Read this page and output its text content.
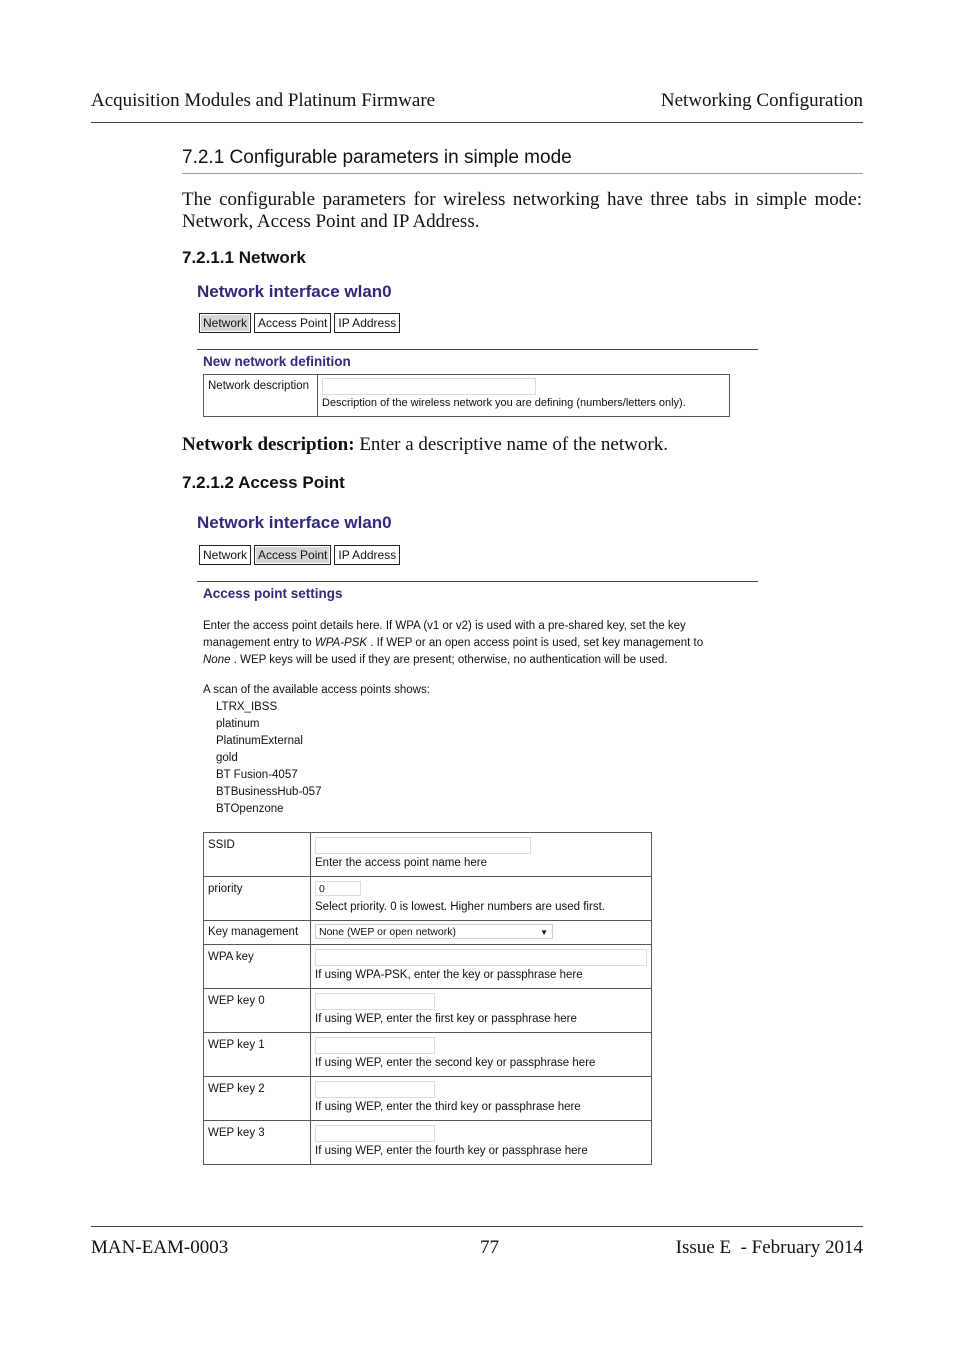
Acquisition Modules and Platinum Firmware	Networking Configuration
7.2.1 Configurable parameters in simple mode
The configurable parameters for wireless networking have three tabs in simple mode: Network, Access Point and IP Address.
7.2.1.1 Network
Network interface wlan0
Network Access Point IP Address
New network definition
Network description
Description of the wireless network you are defining (numbers/letters only).
Network description: Enter a descriptive name of the network.
7.2.1.2 Access Point
Network interface wlan0
Network Access Point IP Address
Access point settings
Enter the access point details here. If WPA (v1 or v2) is used with a pre-shared key, set the key
management entry to WPA-PSK . If WEP or an open access point is used, set key management to
None . WEP keys will be used if they are present; otherwise, no authentication will be used.
A scan of the available access points shows:
LTRX_IBSS
platinum
PlatinumExternal
gold
BT Fusion-4057
BTBusinessHub-057
BTOpenzone
SSID	Enter the access point name here

priority	0
Select priority. 0 is lowest. Higher numbers are used first.

Key management	None (WEP or open network) ▼

WPA key	If using WPA-PSK, enter the key or passphrase here

WEP key 0	If using WEP, enter the first key or passphrase here

WEP key 1	If using WEP, enter the second key or passphrase here

WEP key 2	If using WEP, enter the third key or passphrase here

WEP key 3	If using WEP, enter the fourth key or passphrase here
MAN-EAM-0003	77	Issue E  - February 2014
